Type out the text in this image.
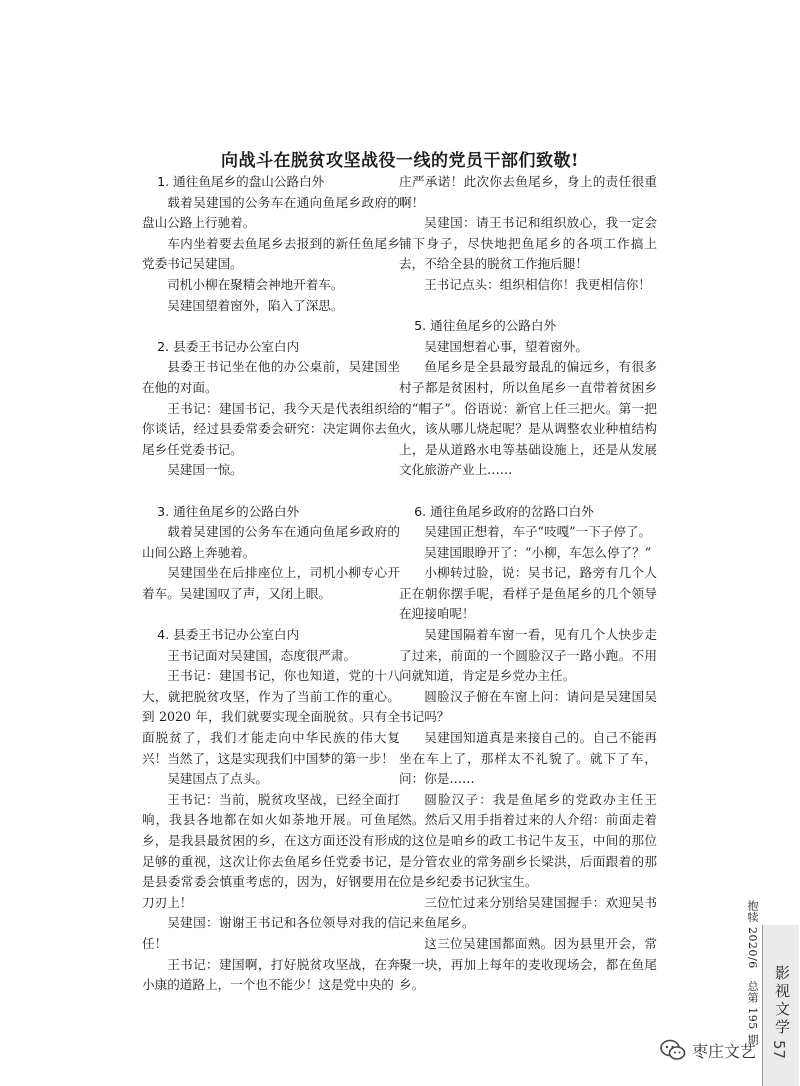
向战斗在脱贫攻坚战役一线的党员干部们致敬!
1. 通往鱼尾乡的盘山公路白外

载着吴建国的公务车在通向鱼尾乡政府的盘山公路上行驰着。

车内坐着要去鱼尾乡去报到的新任鱼尾乡党委书记吴建国。

司机小柳在聚精会神地开着车。

吴建国望着窗外，陷入了深思。

2. 县委王书记办公室白内

县委王书记坐在他的办公桌前，吴建国坐在他的对面。

王书记：建国书记，我今天是代表组织给你谈话，经过县委常委会研究：决定调你去鱼尾乡任党委书记。

吴建国一惊。

3. 通往鱼尾乡的公路白外

载着吴建国的公务车在通向鱼尾乡政府的山间公路上奔驰着。

吴建国坐在后排座位上，司机小柳专心开着车。吴建国叹了声，又闭上眼。

4. 县委王书记办公室白内

王书记面对吴建国，态度很严肃。

王书记：建国书记，你也知道，党的十八大，就把脱贫攻坚，作为了当前工作的重心。到 2020 年，我们就要实现全面脱贫。只有全面脱贫了，我们才能走向中华民族的伟大复兴！当然了，这是实现我们中国梦的第一步！

吴建国点了点头。

王书记：当前，脱贫攻坚战，已经全面打响，我县各地都在如火如荼地开展。可鱼尾乡，是我县最贫困的乡，在这方面还没有形成足够的重视，这次让你去鱼尾乡任党委书记，是县委常委会慎重考虑的，因为，好钢要用在刀刃上！

吴建国：谢谢王书记和各位领导对我的信任！

王书记：建国啊，打好脱贫攻坚战，在奔小康的道路上，一个也不能少！这是党中央的

庄严承诺！此次你去鱼尾乡，身上的责任很重啊！

吴建国：请王书记和组织放心，我一定会铺下身子，尽快地把鱼尾乡的各项工作搞上去，不给全县的脱贫工作拖后腿！

王书记点头：组织相信你！我更相信你！

5. 通往鱼尾乡的公路白外

吴建国想着心事，望着窗外。

鱼尾乡是全县最穷最乱的偏远乡，有很多村子都是贫困村，所以鱼尾乡一直带着贫困乡的“帽子”。俗语说：新官上任三把火。第一把火，该从哪儿烧起呢？是从调整农业种植结构上，是从道路水电等基础设施上，还是从发展文化旅游产业上……

6. 通往鱼尾乡政府的岔路口白外

吴建国正想着，车子“吱嘎”一下子停了。

吴建国眼睁开了：“小柳，车怎么停了？”

小柳转过脸，说：吴书记，路旁有几个人正在朝你摆手呢，看样子是鱼尾乡的几个领导在迎接咱呢！

吴建国隔着车窗一看，见有几个人快步走了过来，前面的一个圆脸汉子一路小跑。不用问就知道，肯定是乡党办主任。

圆脸汉子俯在车窗上问：请问是吴建国吴书记吗？

吴建国知道真是来接自己的。自己不能再坐在车上了，那样太不礼貌了。就下了车，问：你是……

圆脸汉子：我是鱼尾乡的党政办主任王然。然后又用手指着过来的人介绍：前面走着的这位是咱乡的政工书记牛友玉，中间的那位是分管农业的常务副乡长梁洪，后面跟着的那位是乡纪委书记狄宝生。

三位忙过来分别给吴建国握手：欢迎吴书记来鱼尾乡。

这三位吴建国都面熟。因为县里开会，常聚一块，再加上每年的麦收现场会，都在鱼尾乡。	抱犊 2020/6　总第 195 期 影视文学
57
枣庄文艺
